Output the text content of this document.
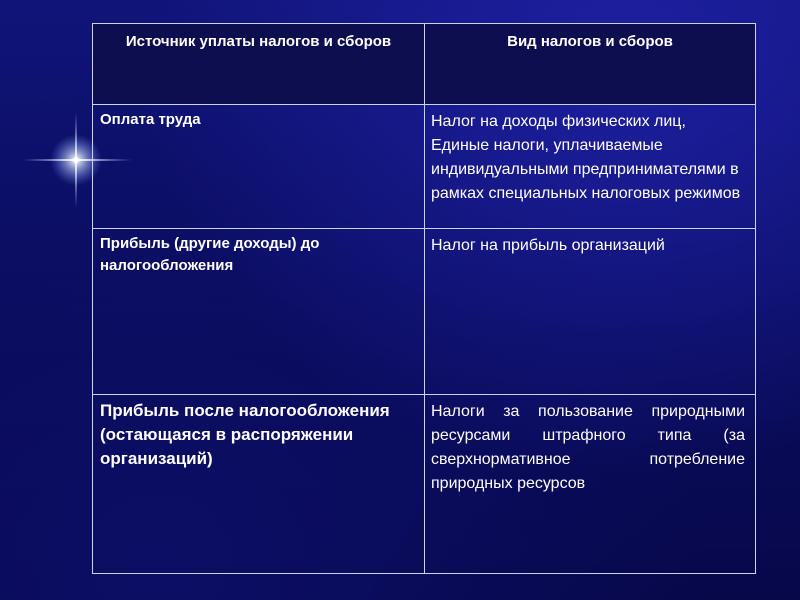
Источник уплаты налогов и сборов	Вид налогов и сборов

Оплата труда	Налог на доходы физических лиц, Единые налоги, уплачиваемые индивидуальными предпринимателями в рамках специальных налоговых режимов

Прибыль (другие доходы) до налогообложения	Налог на прибыль организаций

Прибыль после налогообложения (остающаяся в распоряжении организаций)	Налоги за пользование природными ресурсами штрафного типа (за сверхнормативное потребление природных ресурсов
